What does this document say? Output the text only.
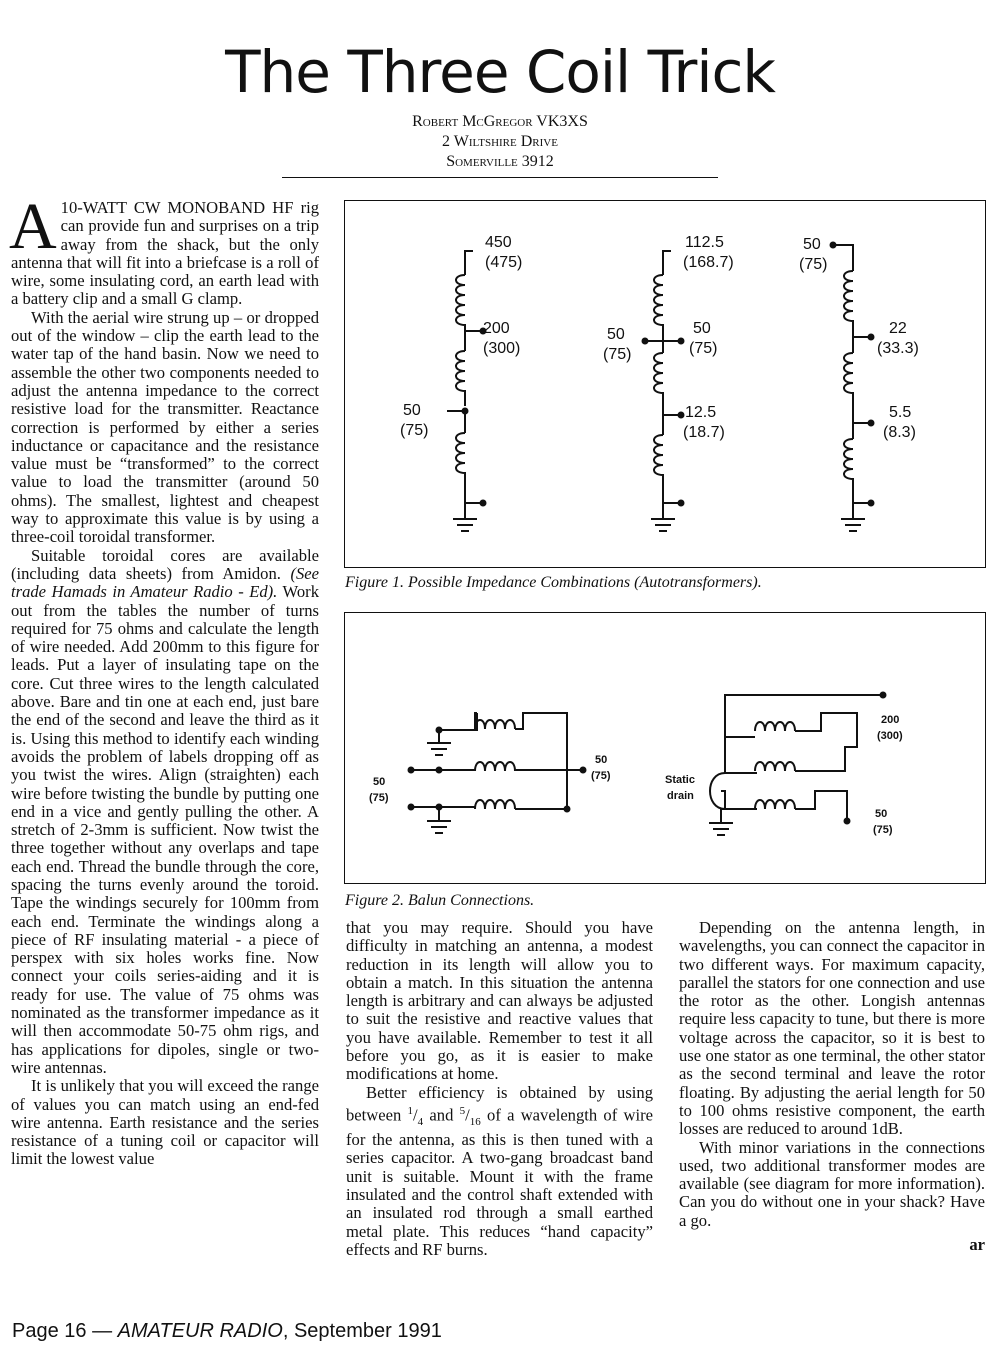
The Three Coil Trick
Robert McGregor VK3XS
2 Wiltshire Drive
Somerville 3912

A 10-WATT CW MONOBAND HF rig can provide fun and surprises on a trip away from the shack, but the only antenna that will fit into a briefcase is a roll of wire, some insulating cord, an earth lead with a battery clip and a small G clamp.

With the aerial wire strung up – or dropped out of the window – clip the earth lead to the water tap of the hand basin. Now we need to assemble the other two components needed to adjust the antenna impedance to the correct resistive load for the transmitter. Reactance correction is performed by either a series inductance or capacitance and the resistance value must be “transformed” to the correct value to load the transmitter (around 50 ohms). The smallest, lightest and cheapest way to approximate this value is by using a three-coil toroidal transformer.

Suitable toroidal cores are available (including data sheets) from Amidon. (See trade Hamads in Amateur Radio - Ed). Work out from the tables the number of turns required for 75 ohms and calculate the length of wire needed. Add 200mm to this figure for leads. Put a layer of insulating tape on the core. Cut three wires to the length calculated above. Bare and tin one at each end, just bare the end of the second and leave the third as it is. Using this method to identify each winding avoids the problem of labels dropping off as you twist the wires. Align (straighten) each wire before twisting the bundle by putting one end in a vice and gently pulling the other. A stretch of 2-3mm is sufficient. Now twist the three together without any overlaps and tape each end. Thread the bundle through the core, spacing the turns evenly around the toroid. Tape the windings securely for 100mm from each end. Terminate the windings along a piece of RF insulating material - a piece of perspex with six holes works fine. Now connect your coils series-aiding and it is ready for use. The value of 75 ohms was nominated as the transformer impedance as it will then accommodate 50-75 ohm rigs, and has applications for dipoles, single or two-wire antennas.

It is unlikely that you will exceed the range of values you can match using an end-fed wire antenna. Earth resistance and the series resistance of a tuning coil or capacitor will limit the lowest value

that you may require. Should you have difficulty in matching an antenna, a modest reduction in its length will allow you to obtain a match. In this situation the antenna length is arbitrary and can always be adjusted to suit the resistive and reactive values that you have available. Remember to test it all before you go, as it is easier to make modifications at home.

Better efficiency is obtained by using between $^1/_4$ and $^5/_{16}$ of a wavelength of wire for the antenna, as this is then tuned with a series capacitor. A two-gang broadcast band unit is suitable. Mount it with the frame insulated and the control shaft extended with an insulated rod through a small earthed metal plate. This reduces “hand capacity” effects and RF burns.

Depending on the antenna length, in wavelengths, you can connect the capacitor in two different ways. For maximum capacity, parallel the stators for one connection and use the rotor as the other. Longish antennas require less capacity to tune, but there is more voltage across the capacitor, so it is best to use one stator as one terminal, the other stator as the second terminal and leave the rotor floating. By adjusting the aerial length for 50 to 100 ohms resistive component, the earth losses are reduced to around 1dB.

With minor variations in the connections used, two additional transformer modes are available (see diagram for more information). Can you do without one in your shack? Have a go.

ar
450
(475)
200
(300)
50
(75)
112.5
(168.7)
50
(75)
50
(75)
12.5
(18.7)
50
(75)
22
(33.3)
5.5
(8.3)
Figure 1. Possible Impedance Combinations (Autotransformers).
50
(75)
50
(75)	Static
drain
200
(300)
50
(75)
Figure 2. Balun Connections.
Page 16 — AMATEUR RADIO, September 1991
